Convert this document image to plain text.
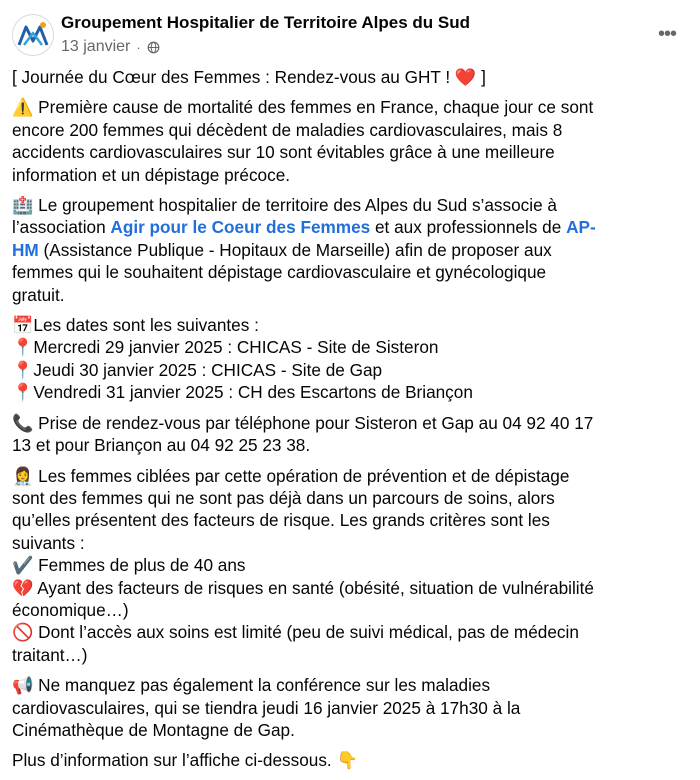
Groupement Hospitalier de Territoire Alpes du Sud
13 janvier ·
•••

[ Journée du Cœur des Femmes : Rendez-vous au GHT ! ❤️ ]

⚠️ Première cause de mortalité des femmes en France, chaque jour ce sont
encore 200 femmes qui décèdent de maladies cardiovasculaires, mais 8
accidents cardiovasculaires sur 10 sont évitables grâce à une meilleure
information et un dépistage précoce.

🏥 Le groupement hospitalier de territoire des Alpes du Sud s’associe à
l’association Agir pour le Coeur des Femmes et aux professionnels de AP-
HM (Assistance Publique - Hopitaux de Marseille) afin de proposer aux
femmes qui le souhaitent dépistage cardiovasculaire et gynécologique
gratuit.

📅Les dates sont les suivantes :
📍Mercredi 29 janvier 2025 : CHICAS - Site de Sisteron
📍Jeudi 30 janvier 2025 : CHICAS - Site de Gap
📍Vendredi 31 janvier 2025 : CH des Escartons de Briançon

📞 Prise de rendez-vous par téléphone pour Sisteron et Gap au 04 92 40 17
13 et pour Briançon au 04 92 25 23 38.

👩‍⚕️ Les femmes ciblées par cette opération de prévention et de dépistage
sont des femmes qui ne sont pas déjà dans un parcours de soins, alors
qu’elles présentent des facteurs de risque. Les grands critères sont les
suivants :
✔️ Femmes de plus de 40 ans
💔 Ayant des facteurs de risques en santé (obésité, situation de vulnérabilité
économique…)
🚫 Dont l’accès aux soins est limité (peu de suivi médical, pas de médecin
traitant…)

📢 Ne manquez pas également la conférence sur les maladies
cardiovasculaires, qui se tiendra jeudi 16 janvier 2025 à 17h30 à la
Cinémathèque de Montagne de Gap.

Plus d’information sur l’affiche ci-dessous. 👇
